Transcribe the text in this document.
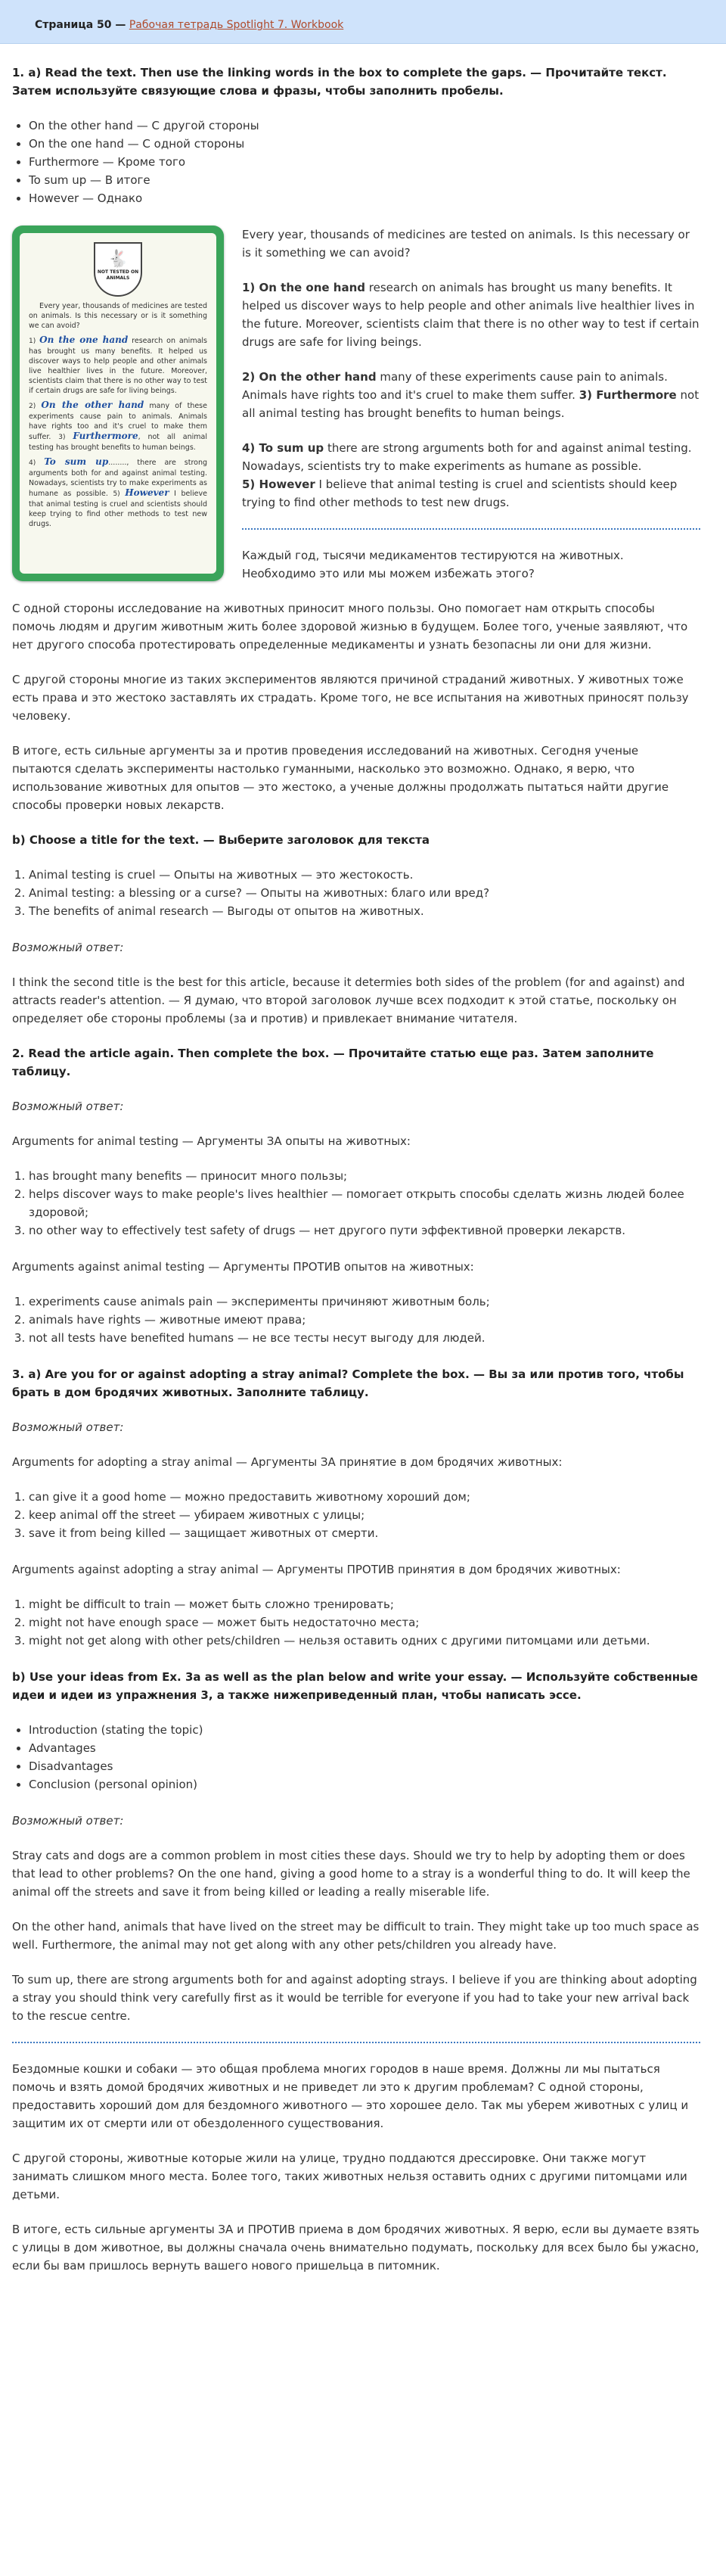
Страница 50 — Рабочая тетрадь Spotlight 7. Workbook

1. a) Read the text. Then use the linking words in the box to complete the gaps. — Прочитайте текст. Затем используйте связующие слова и фразы, чтобы заполнить пробелы.

• On the other hand — С другой стороны
• On the one hand — С одной стороны
• Furthermore — Кроме того
• To sum up — В итоге
• However — Однако
🐇
NOT TESTED ON ANIMALS
Every year, thousands of medicines are tested on animals. Is this necessary or is it something we can avoid?
1) On the one hand research on animals has brought us many benefits. It helped us discover ways to help people and other animals live healthier lives in the future. Moreover, scientists claim that there is no other way to test if certain drugs are safe for living beings.
2) On the other hand many of these experiments cause pain to animals. Animals have rights too and it's cruel to make them suffer. 3) Furthermore, not all animal testing has brought benefits to human beings.
4) To sum up........, there are strong arguments both for and against animal testing. Nowadays, scientists try to make experiments as humane as possible. 5) However I believe that animal testing is cruel and scientists should keep trying to find other methods to test new drugs.

Every year, thousands of medicines are tested on animals. Is this necessary or is it something we can avoid?

1) On the one hand research on animals has brought us many benefits. It helped us discover ways to help people and other animals live healthier lives in the future. Moreover, scientists claim that there is no other way to test if certain drugs are safe for living beings.

2) On the other hand many of these experiments cause pain to animals. Animals have rights too and it's cruel to make them suffer. 3) Furthermore not all animal testing has brought benefits to human beings.

4) To sum up there are strong arguments both for and against animal testing. Nowadays, scientists try to make experiments as humane as possible.

5) However I believe that animal testing is cruel and scientists should keep trying to find other methods to test new drugs.

Каждый год, тысячи медикаментов тестируются на животных. Необходимо это или мы можем избежать этого?

С одной стороны исследование на животных приносит много пользы. Оно помогает нам открыть способы помочь людям и другим животным жить более здоровой жизнью в будущем. Более того, ученые заявляют, что нет другого способа протестировать определенные медикаменты и узнать безопасны ли они для жизни.

С другой стороны многие из таких экспериментов являются причиной страданий животных. У животных тоже есть права и это жестоко заставлять их страдать. Кроме того, не все испытания на животных приносят пользу человеку.

В итоге, есть сильные аргументы за и против проведения исследований на животных. Сегодня ученые пытаются сделать эксперименты настолько гуманными, насколько это возможно. Однако, я верю, что использование животных для опытов — это жестоко, а ученые должны продолжать пытаться найти другие способы проверки новых лекарств.

b) Choose a title for the text. — Выберите заголовок для текста

1. Animal testing is cruel — Опыты на животных — это жестокость.
2. Animal testing: a blessing or a curse? — Опыты на животных: благо или вред?
3. The benefits of animal research — Выгоды от опытов на животных.

Возможный ответ:

I think the second title is the best for this article, because it determies both sides of the problem (for and against) and attracts reader's attention. — Я думаю, что второй заголовок лучше всех подходит к этой статье, поскольку он определяет обе стороны проблемы (за и против) и привлекает внимание читателя.

2. Read the article again. Then complete the box. — Прочитайте статью еще раз. Затем заполните таблицу.

Возможный ответ:

Arguments for animal testing — Аргументы ЗА опыты на животных:

1. has brought many benefits — приносит много пользы;
2. helps discover ways to make people's lives healthier — помогает открыть способы сделать жизнь людей более здоровой;
3. no other way to effectively test safety of drugs — нет другого пути эффективной проверки лекарств.

Arguments against animal testing — Аргументы ПРОТИВ опытов на животных:

1. experiments cause animals pain — эксперименты причиняют животным боль;
2. animals have rights — животные имеют права;
3. not all tests have benefited humans — не все тесты несут выгоду для людей.

3. a) Are you for or against adopting a stray animal? Complete the box. — Вы за или против того, чтобы брать в дом бродячих животных. Заполните таблицу.

Возможный ответ:

Arguments for adopting a stray animal — Аргументы ЗА принятие в дом бродячих животных:

1. can give it a good home — можно предоставить животному хороший дом;
2. keep animal off the street — убираем животных с улицы;
3. save it from being killed — защищает животных от смерти.

Arguments against adopting a stray animal — Аргументы ПРОТИВ принятия в дом бродячих животных:

1. might be difficult to train — может быть сложно тренировать;
2. might not have enough space — может быть недостаточно места;
3. might not get along with other pets/children — нельзя оставить одних с другими питомцами или детьми.

b) Use your ideas from Ex. 3a as well as the plan below and write your essay. — Используйте собственные идеи и идеи из упражнения 3, а также нижеприведенный план, чтобы написать эссе.

• Introduction (stating the topic)
• Advantages
• Disadvantages
• Conclusion (personal opinion)

Возможный ответ:

Stray cats and dogs are a common problem in most cities these days. Should we try to help by adopting them or does that lead to other problems? On the one hand, giving a good home to a stray is a wonderful thing to do. It will keep the animal off the streets and save it from being killed or leading a really miserable life.

On the other hand, animals that have lived on the street may be difficult to train. They might take up too much space as well. Furthermore, the animal may not get along with any other pets/children you already have.

To sum up, there are strong arguments both for and against adopting strays. I believe if you are thinking about adopting a stray you should think very carefully first as it would be terrible for everyone if you had to take your new arrival back to the rescue centre.

Бездомные кошки и собаки — это общая проблема многих городов в наше время. Должны ли мы пытаться помочь и взять домой бродячих животных и не приведет ли это к другим проблемам? С одной стороны, предоставить хороший дом для бездомного животного — это хорошее дело. Так мы уберем животных с улиц и защитим их от смерти или от обездоленного существования.

С другой стороны, животные которые жили на улице, трудно поддаются дрессировке. Они также могут занимать слишком много места. Более того, таких животных нельзя оставить одних с другими питомцами или детьми.

В итоге, есть сильные аргументы ЗА и ПРОТИВ приема в дом бродячих животных. Я верю, если вы думаете взять с улицы в дом животное, вы должны сначала очень внимательно подумать, поскольку для всех было бы ужасно, если бы вам пришлось вернуть вашего нового пришельца в питомник.
